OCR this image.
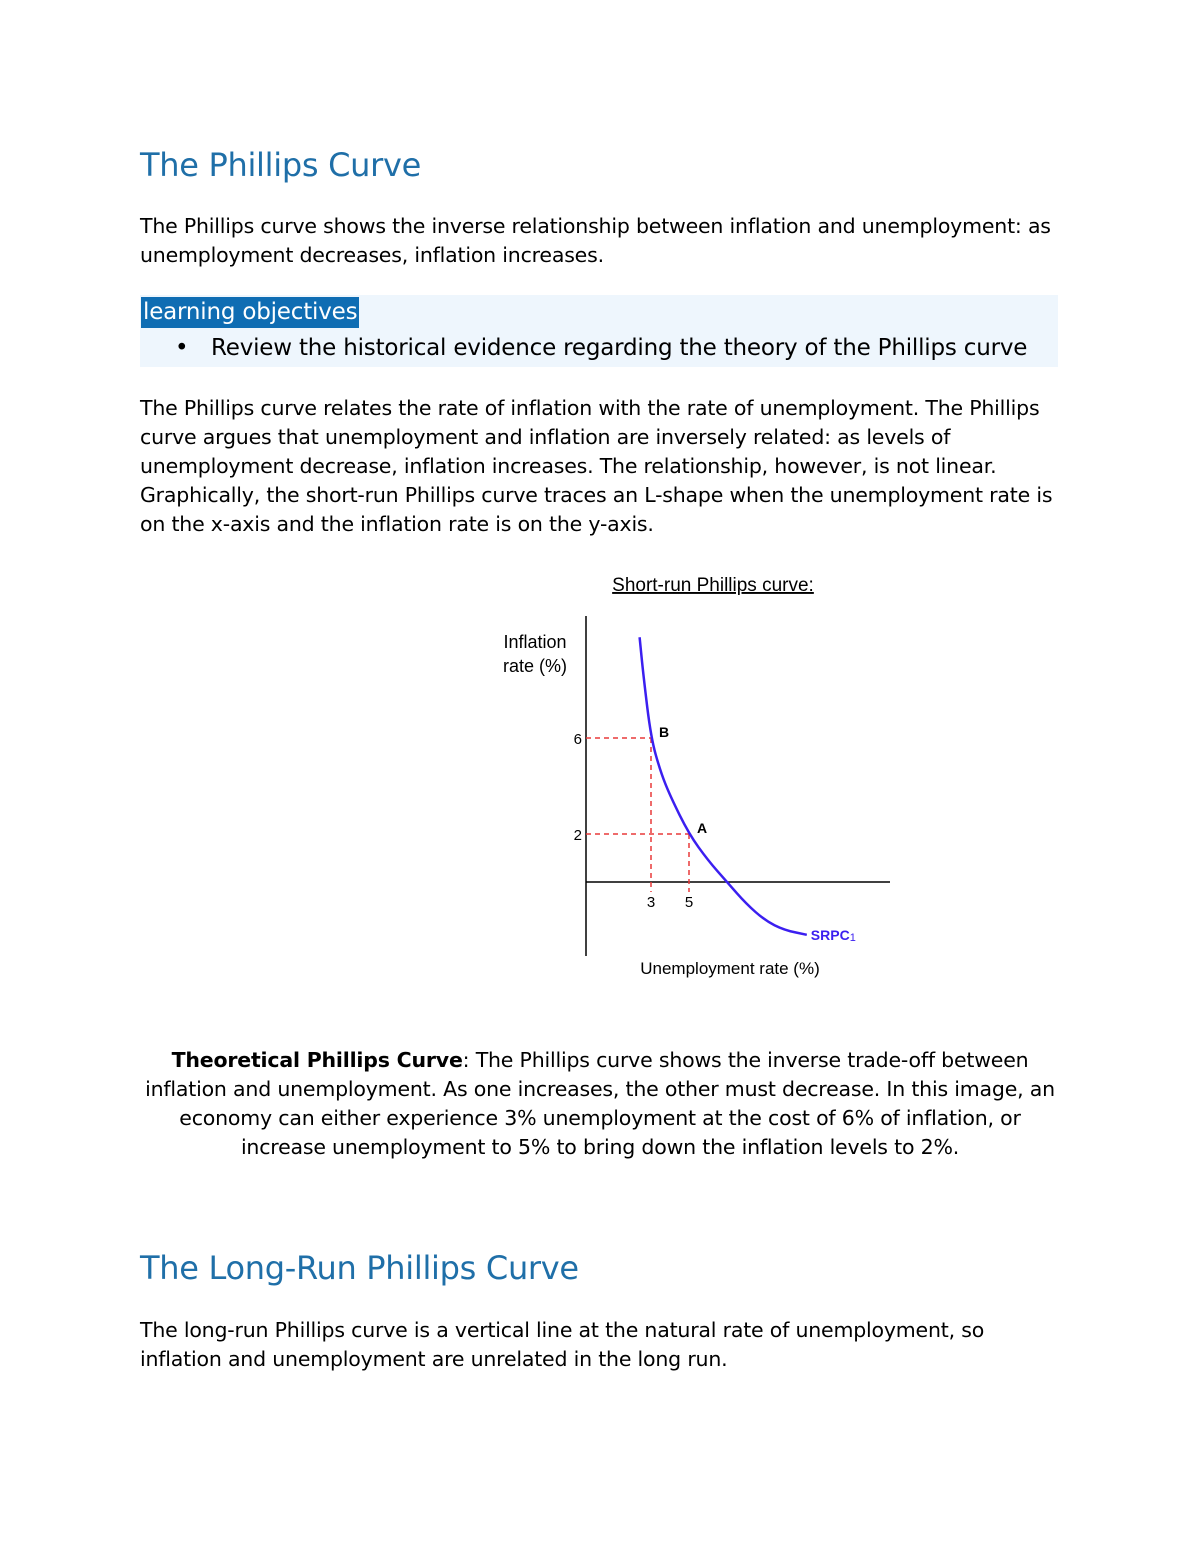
The Phillips Curve

The Phillips curve shows the inverse relationship between inflation and unemployment: as unemployment decreases, inflation increases.

learning objectives
• Review the historical evidence regarding the theory of the Phillips curve

The Phillips curve relates the rate of inflation with the rate of unemployment. The Phillips curve argues that unemployment and inflation are inversely related: as levels of unemployment decrease, inflation increases. The relationship, however, is not linear. Graphically, the short-run Phillips curve traces an L-shape when the unemployment rate is on the x-axis and the inflation rate is on the y-axis.

Short-run Phillips curve:
Inflation
rate (%)
Unemployment rate (%)
B
A
6
2
3 5
SRPC1
Theoretical Phillips Curve: The Phillips curve shows the inverse trade-off between inflation and unemployment. As one increases, the other must decrease. In this image, an economy can either experience 3% unemployment at the cost of 6% of inflation, or increase unemployment to 5% to bring down the inflation levels to 2%.
The Long-Run Phillips Curve

The long-run Phillips curve is a vertical line at the natural rate of unemployment, so inflation and unemployment are unrelated in the long run.
